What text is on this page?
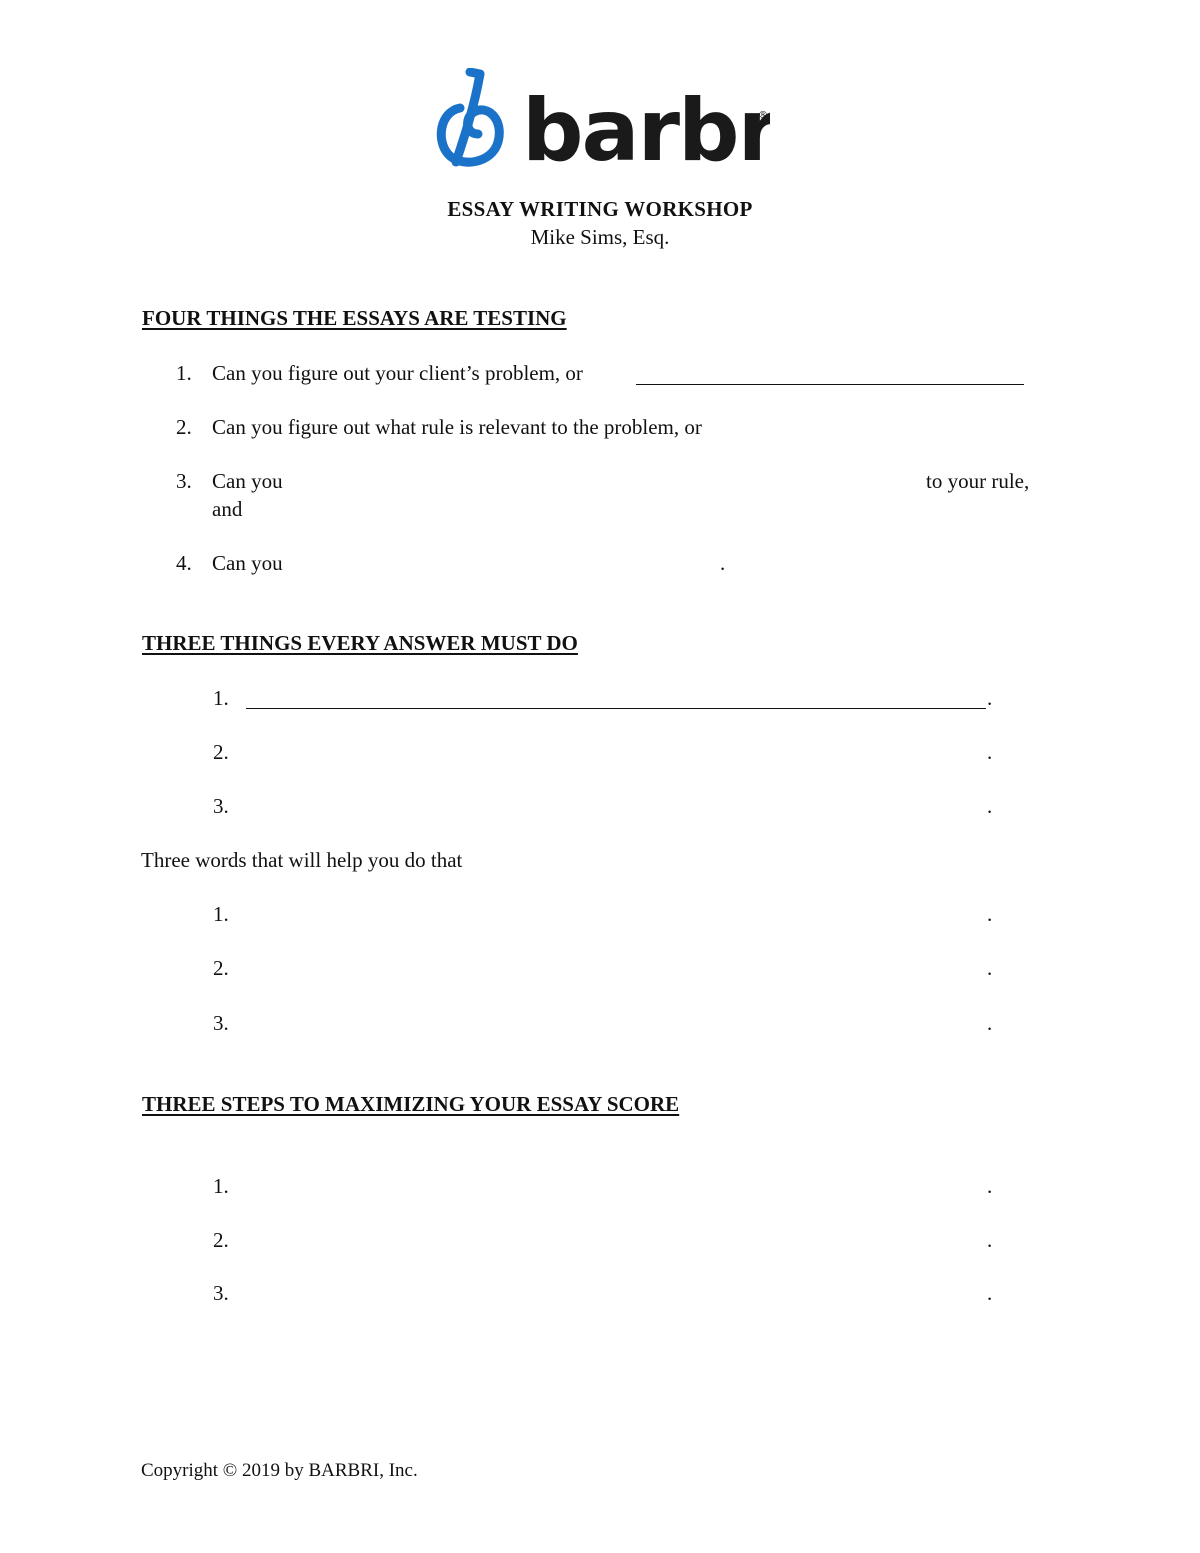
barbr
®
ESSAY WRITING WORKSHOP
Mike Sims, Esq.
FOUR THINGS THE ESSAYS ARE TESTING
1. Can you figure out your client’s problem, or
2. Can you figure out what rule is relevant to the problem, or
3. Can you	to your rule,
and
4. Can you	.
THREE THINGS EVERY ANSWER MUST DO
1.	.
2.	.
3.	.
Three words that will help you do that
1.	.
2.	.
3.	.
THREE STEPS TO MAXIMIZING YOUR ESSAY SCORE
1.	.
2.	.
3.	.
Copyright © 2019 by BARBRI, Inc.
